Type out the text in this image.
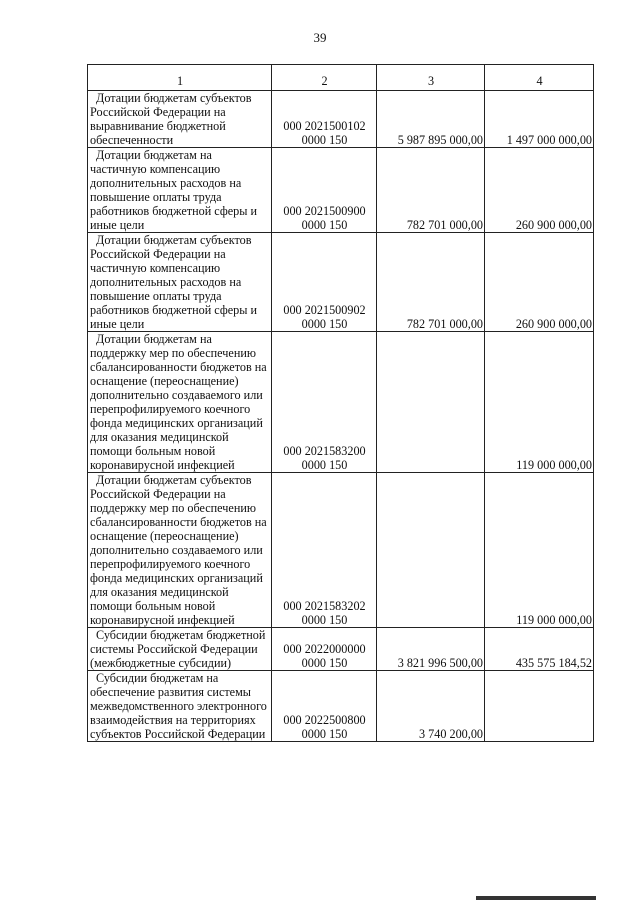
39
1	2	3	4
Дотации бюджетам субъектов Российской Федерации на выравнивание бюджетной обеспеченности	000 2021500102 0000 150	5 987 895 000,00	1 497 000 000,00
Дотации бюджетам на частичную компенсацию дополнительных расходов на повышение оплаты труда работников бюджетной сферы и иные цели	000 2021500900 0000 150	782 701 000,00	260 900 000,00
Дотации бюджетам субъектов Российской Федерации на частичную компенсацию дополнительных расходов на повышение оплаты труда работников бюджетной сферы и иные цели	000 2021500902 0000 150	782 701 000,00	260 900 000,00
Дотации бюджетам на поддержку мер по обеспечению сбалансированности бюджетов на оснащение (переоснащение) дополнительно создаваемого или перепрофилируемого коечного фонда медицинских организаций для оказания медицинской помощи больным новой коронавирусной инфекцией	000 2021583200 0000 150		119 000 000,00
Дотации бюджетам субъектов Российской Федерации на поддержку мер по обеспечению сбалансированности бюджетов на оснащение (переоснащение) дополнительно создаваемого или перепрофилируемого коечного фонда медицинских организаций для оказания медицинской помощи больным новой коронавирусной инфекцией	000 2021583202 0000 150		119 000 000,00
Субсидии бюджетам бюджетной системы Российской Федерации (межбюджетные субсидии)	000 2022000000 0000 150	3 821 996 500,00	435 575 184,52
Субсидии бюджетам на обеспечение развития системы межведомственного электронного взаимодействия на территориях субъектов Российской Федерации	000 2022500800 0000 150	3 740 200,00	
